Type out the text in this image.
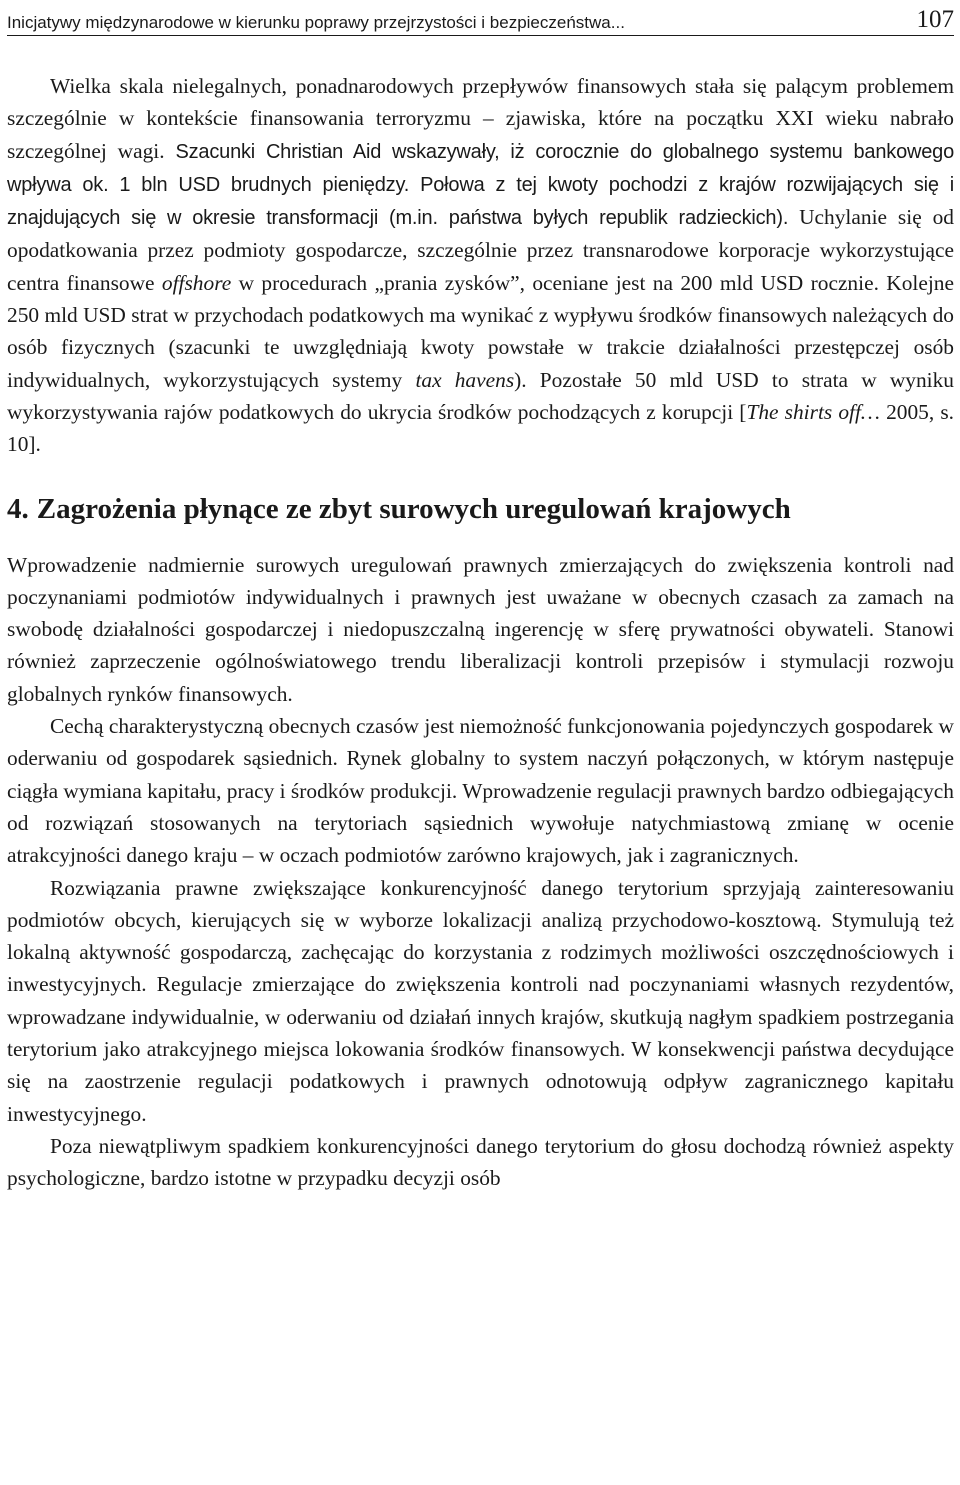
Inicjatywy międzynarodowe w kierunku poprawy przejrzystości i bezpieczeństwa...	107

Wielka skala nielegalnych, ponadnarodowych przepływów finansowych stała się palącym problemem szczególnie w kontekście finansowania terroryzmu – zjawiska, które na początku XXI wieku nabrało szczególnej wagi. Szacunki Christian Aid wskazywały, iż corocznie do globalnego systemu bankowego wpływa ok. 1 bln USD brudnych pieniędzy. Połowa z tej kwoty pochodzi z krajów rozwijających się i znajdujących się w okresie transformacji (m.in. państwa byłych republik radzieckich). Uchylanie się od opodatkowania przez podmioty gospodarcze, szczególnie przez transnarodowe korporacje wykorzystujące centra finansowe offshore w procedurach „prania zysków”, oceniane jest na 200 mld USD rocznie. Kolejne 250 mld USD strat w przychodach podatkowych ma wynikać z wypływu środków finansowych należących do osób fizycznych (szacunki te uwzględniają kwoty powstałe w trakcie działalności przestępczej osób indywidualnych, wykorzystujących systemy tax havens). Pozostałe 50 mld USD to strata w wyniku wykorzystywania rajów podatkowych do ukrycia środków pochodzących z korupcji [The shirts off… 2005, s. 10].

4. Zagrożenia płynące ze zbyt surowych uregulowań krajowych

Wprowadzenie nadmiernie surowych uregulowań prawnych zmierzających do zwiększenia kontroli nad poczynaniami podmiotów indywidualnych i prawnych jest uważane w obecnych czasach za zamach na swobodę działalności gospodarczej i niedopuszczalną ingerencję w sferę prywatności obywateli. Stanowi również zaprzeczenie ogólnoświatowego trendu liberalizacji kontroli przepisów i stymulacji rozwoju globalnych rynków finansowych.

Cechą charakterystyczną obecnych czasów jest niemożność funkcjonowania pojedynczych gospodarek w oderwaniu od gospodarek sąsiednich. Rynek globalny to system naczyń połączonych, w którym następuje ciągła wymiana kapitału, pracy i środków produkcji. Wprowadzenie regulacji prawnych bardzo odbiegających od rozwiązań stosowanych na terytoriach sąsiednich wywołuje natychmiastową zmianę w ocenie atrakcyjności danego kraju – w oczach podmiotów zarówno krajowych, jak i zagranicznych.

Rozwiązania prawne zwiększające konkurencyjność danego terytorium sprzyjają zainteresowaniu podmiotów obcych, kierujących się w wyborze lokalizacji analizą przychodowo-kosztową. Stymulują też lokalną aktywność gospodarczą, zachęcając do korzystania z rodzimych możliwości oszczędnościowych i inwestycyjnych. Regulacje zmierzające do zwiększenia kontroli nad poczynaniami własnych rezydentów, wprowadzane indywidualnie, w oderwaniu od działań innych krajów, skutkują nagłym spadkiem postrzegania terytorium jako atrakcyjnego miejsca lokowania środków finansowych. W konsekwencji państwa decydujące się na zaostrzenie regulacji podatkowych i prawnych odnotowują odpływ zagranicznego kapitału inwestycyjnego.

Poza niewątpliwym spadkiem konkurencyjności danego terytorium do głosu dochodzą również aspekty psychologiczne, bardzo istotne w przypadku decyzji osób
